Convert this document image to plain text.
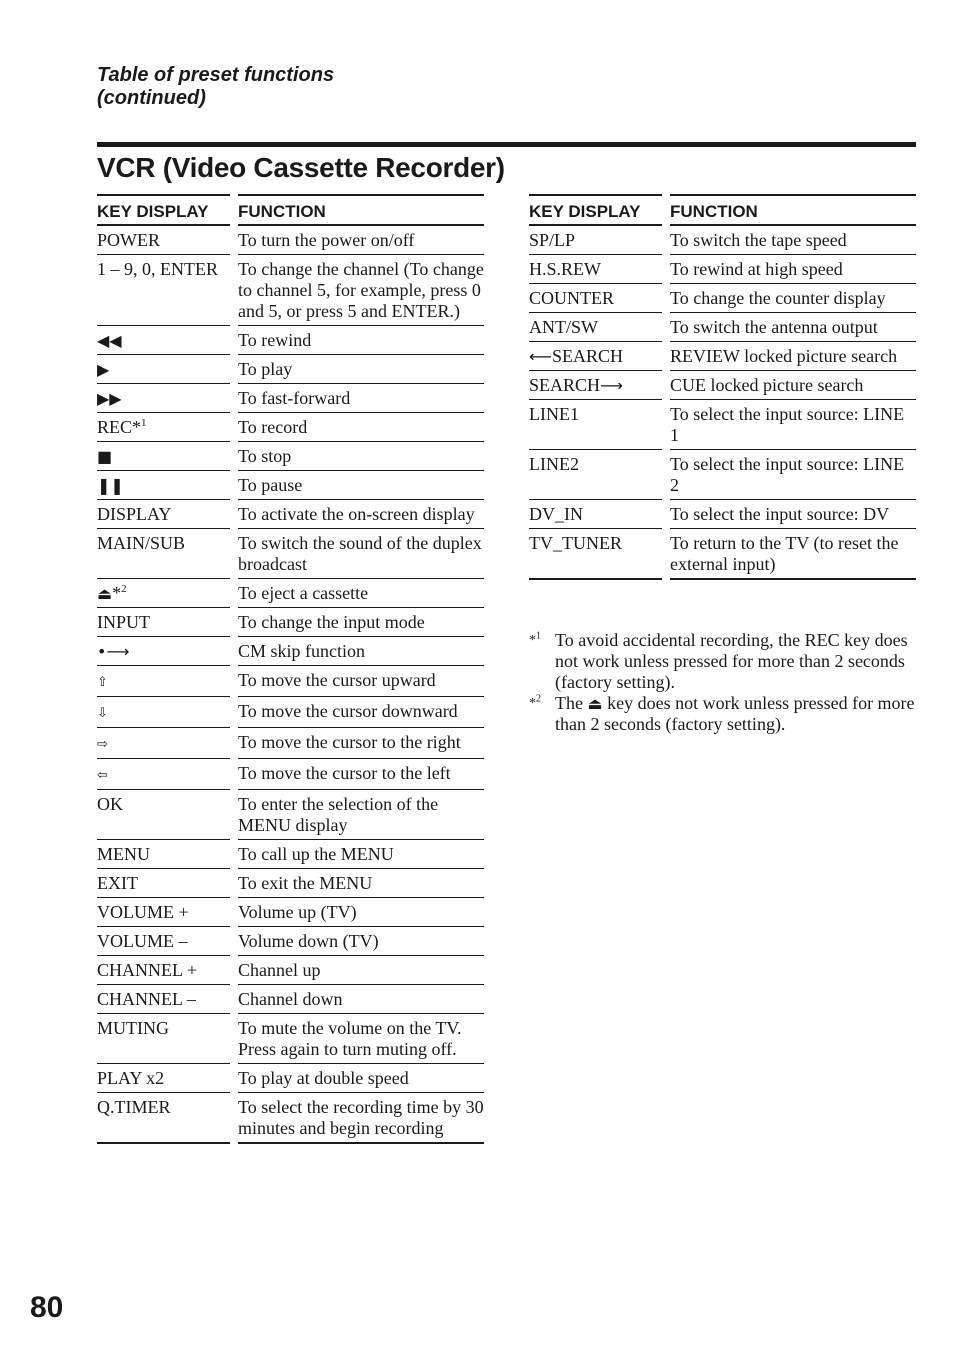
Table of preset functions
(continued)

VCR (Video Cassette Recorder)
KEY DISPLAY	FUNCTION
POWER	To turn the power on/off
1 – 9, 0, ENTER	To change the channel (To change to channel 5, for example, press 0 and 5, or press 5 and ENTER.)
◀◀	To rewind
▶	To play
▶▶	To fast-forward
REC*$^1$	To record
■	To stop
❚❚	To pause
DISPLAY	To activate the on-screen display
MAIN/SUB	To switch the sound of the duplex broadcast
⏏*$^2$	To eject a cassette
INPUT	To change the input mode
•⟶	CM skip function
⇧	To move the cursor upward
⇩	To move the cursor downward
⇨	To move the cursor to the right
⇦	To move the cursor to the left
OK	To enter the selection of the MENU display
MENU	To call up the MENU
EXIT	To exit the MENU
VOLUME +	Volume up (TV)
VOLUME –	Volume down (TV)
CHANNEL +	Channel up
CHANNEL –	Channel down
MUTING	To mute the volume on the TV. Press again to turn muting off.
PLAY x2	To play at double speed
Q.TIMER	To select the recording time by 30 minutes and begin recording
KEY DISPLAY	FUNCTION
SP/LP	To switch the tape speed
H.S.REW	To rewind at high speed
COUNTER	To change the counter display
ANT/SW	To switch the antenna output
⟵SEARCH	REVIEW locked picture search
SEARCH⟶	CUE locked picture search
LINE1	To select the input source: LINE 1
LINE2	To select the input source: LINE 2
DV_IN	To select the input source: DV
TV_TUNER	To return to the TV (to reset the external input)

*$^1$ To avoid accidental recording, the REC key does not work unless pressed for more than 2 seconds (factory setting).

*$^2$ The ⏏ key does not work unless pressed for more than 2 seconds (factory setting).

80
